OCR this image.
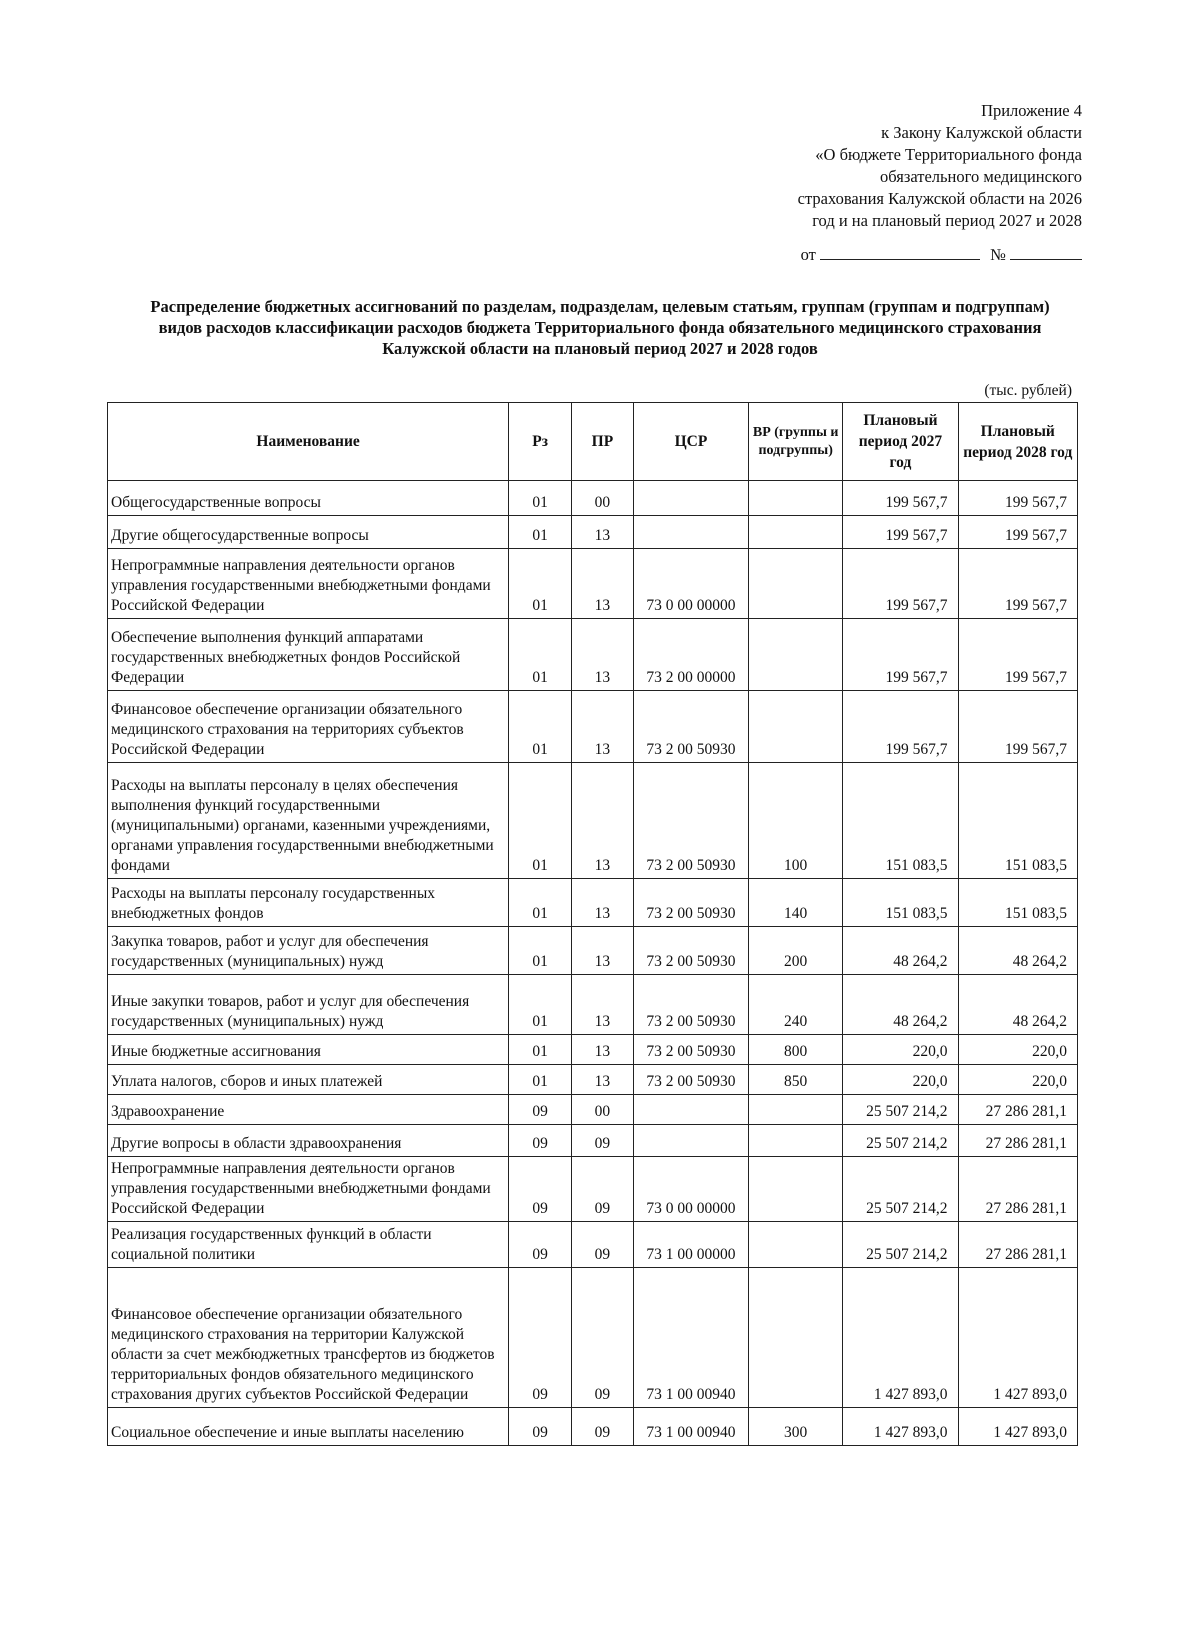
Приложение 4
к Закону Калужской области
«О бюджете Территориального фонда
обязательного медицинского
страхования Калужской области на 2026
год и на плановый период 2027 и 2028
от	№
Распределение бюджетных ассигнований по разделам, подразделам, целевым статьям, группам (группам и подгруппам) видов расходов классификации расходов бюджета Территориального фонда обязательного медицинского страхования Калужской области на плановый период 2027 и 2028 годов
(тыс. рублей)
Наименование	Рз	ПР	ЦСР	ВР (группы и подгруппы)	Плановый период 2027 год	Плановый период 2028 год
Общегосударственные вопросы	01	00			199 567,7	199 567,7
Другие общегосударственные вопросы	01	13			199 567,7	199 567,7
Непрограммные направления деятельности органов управления государственными внебюджетными фондами Российской Федерации	01	13	73 0 00 00000		199 567,7	199 567,7
Обеспечение выполнения функций аппаратами государственных внебюджетных фондов Российской Федерации	01	13	73 2 00 00000		199 567,7	199 567,7
Финансовое обеспечение организации обязательного медицинского страхования на территориях субъектов Российской Федерации	01	13	73 2 00 50930		199 567,7	199 567,7
Расходы на выплаты персоналу в целях обеспечения выполнения функций государственными (муниципальными) органами, казенными учреждениями, органами управления государственными внебюджетными фондами	01	13	73 2 00 50930	100	151 083,5	151 083,5
Расходы на выплаты персоналу государственных внебюджетных фондов	01	13	73 2 00 50930	140	151 083,5	151 083,5
Закупка товаров, работ и услуг для обеспечения государственных (муниципальных) нужд	01	13	73 2 00 50930	200	48 264,2	48 264,2
Иные закупки товаров, работ и услуг для обеспечения государственных (муниципальных) нужд	01	13	73 2 00 50930	240	48 264,2	48 264,2
Иные бюджетные ассигнования	01	13	73 2 00 50930	800	220,0	220,0
Уплата налогов, сборов и иных платежей	01	13	73 2 00 50930	850	220,0	220,0
Здравоохранение	09	00			25 507 214,2	27 286 281,1
Другие вопросы в области здравоохранения	09	09			25 507 214,2	27 286 281,1
Непрограммные направления деятельности органов управления государственными внебюджетными фондами Российской Федерации	09	09	73 0 00 00000		25 507 214,2	27 286 281,1
Реализация государственных функций в области социальной политики	09	09	73 1 00 00000		25 507 214,2	27 286 281,1
Финансовое обеспечение организации обязательного медицинского страхования на территории Калужской области за счет межбюджетных трансфертов из бюджетов территориальных фондов обязательного медицинского страхования других субъектов Российской Федерации	09	09	73 1 00 00940		1 427 893,0	1 427 893,0
Социальное обеспечение и иные выплаты населению	09	09	73 1 00 00940	300	1 427 893,0	1 427 893,0
